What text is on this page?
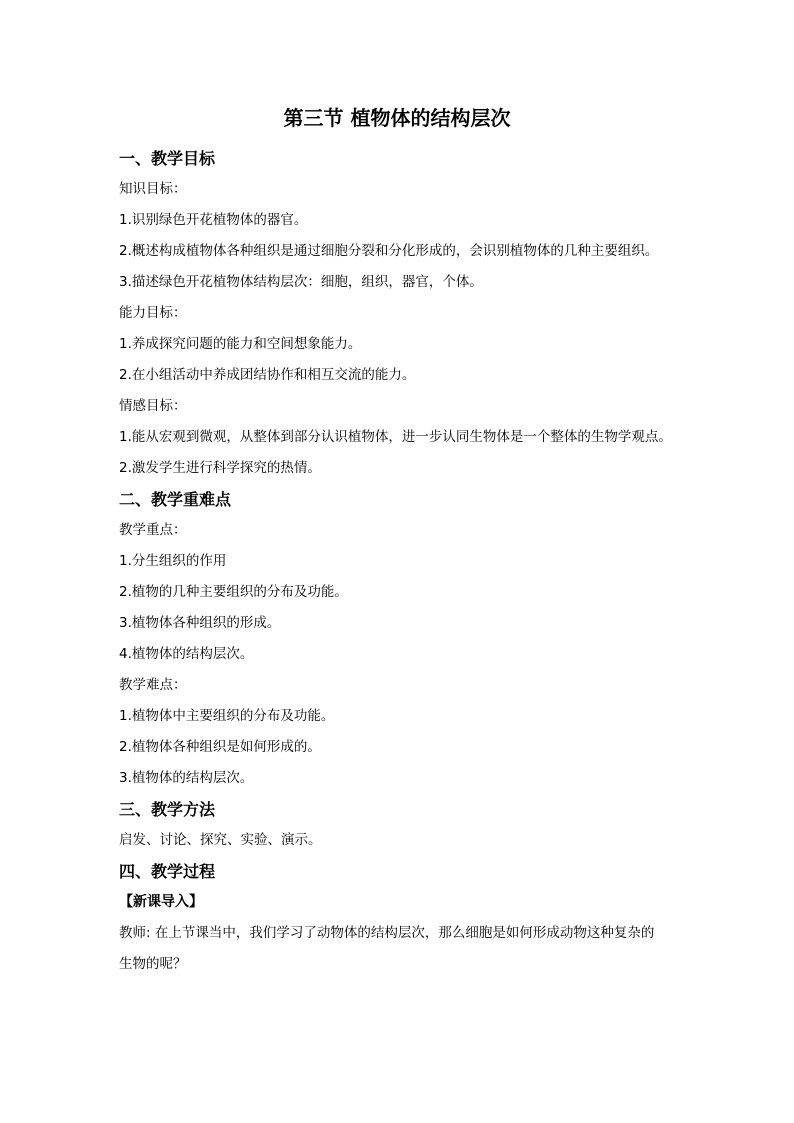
第三节 植物体的结构层次
一、教学目标
知识目标：
1.识别绿色开花植物体的器官。
2.概述构成植物体各种组织是通过细胞分裂和分化形成的，会识别植物体的几种主要组织。
3.描述绿色开花植物体结构层次：细胞，组织，器官，个体。
能力目标：
1.养成探究问题的能力和空间想象能力。
2.在小组活动中养成团结协作和相互交流的能力。
情感目标：
1.能从宏观到微观，从整体到部分认识植物体，进一步认同生物体是一个整体的生物学观点。
2.激发学生进行科学探究的热情。
二、教学重难点
教学重点：
1.分生组织的作用
2.植物的几种主要组织的分布及功能。
3.植物体各种组织的形成。
4.植物体的结构层次。
教学难点：
1.植物体中主要组织的分布及功能。
2.植物体各种组织是如何形成的。
3.植物体的结构层次。
三、教学方法
启发、讨论、探究、实验、演示。
四、教学过程
【新课导入】
教师: 在上节课当中，我们学习了动物体的结构层次，那么细胞是如何形成动物这种复杂的
生物的呢？
